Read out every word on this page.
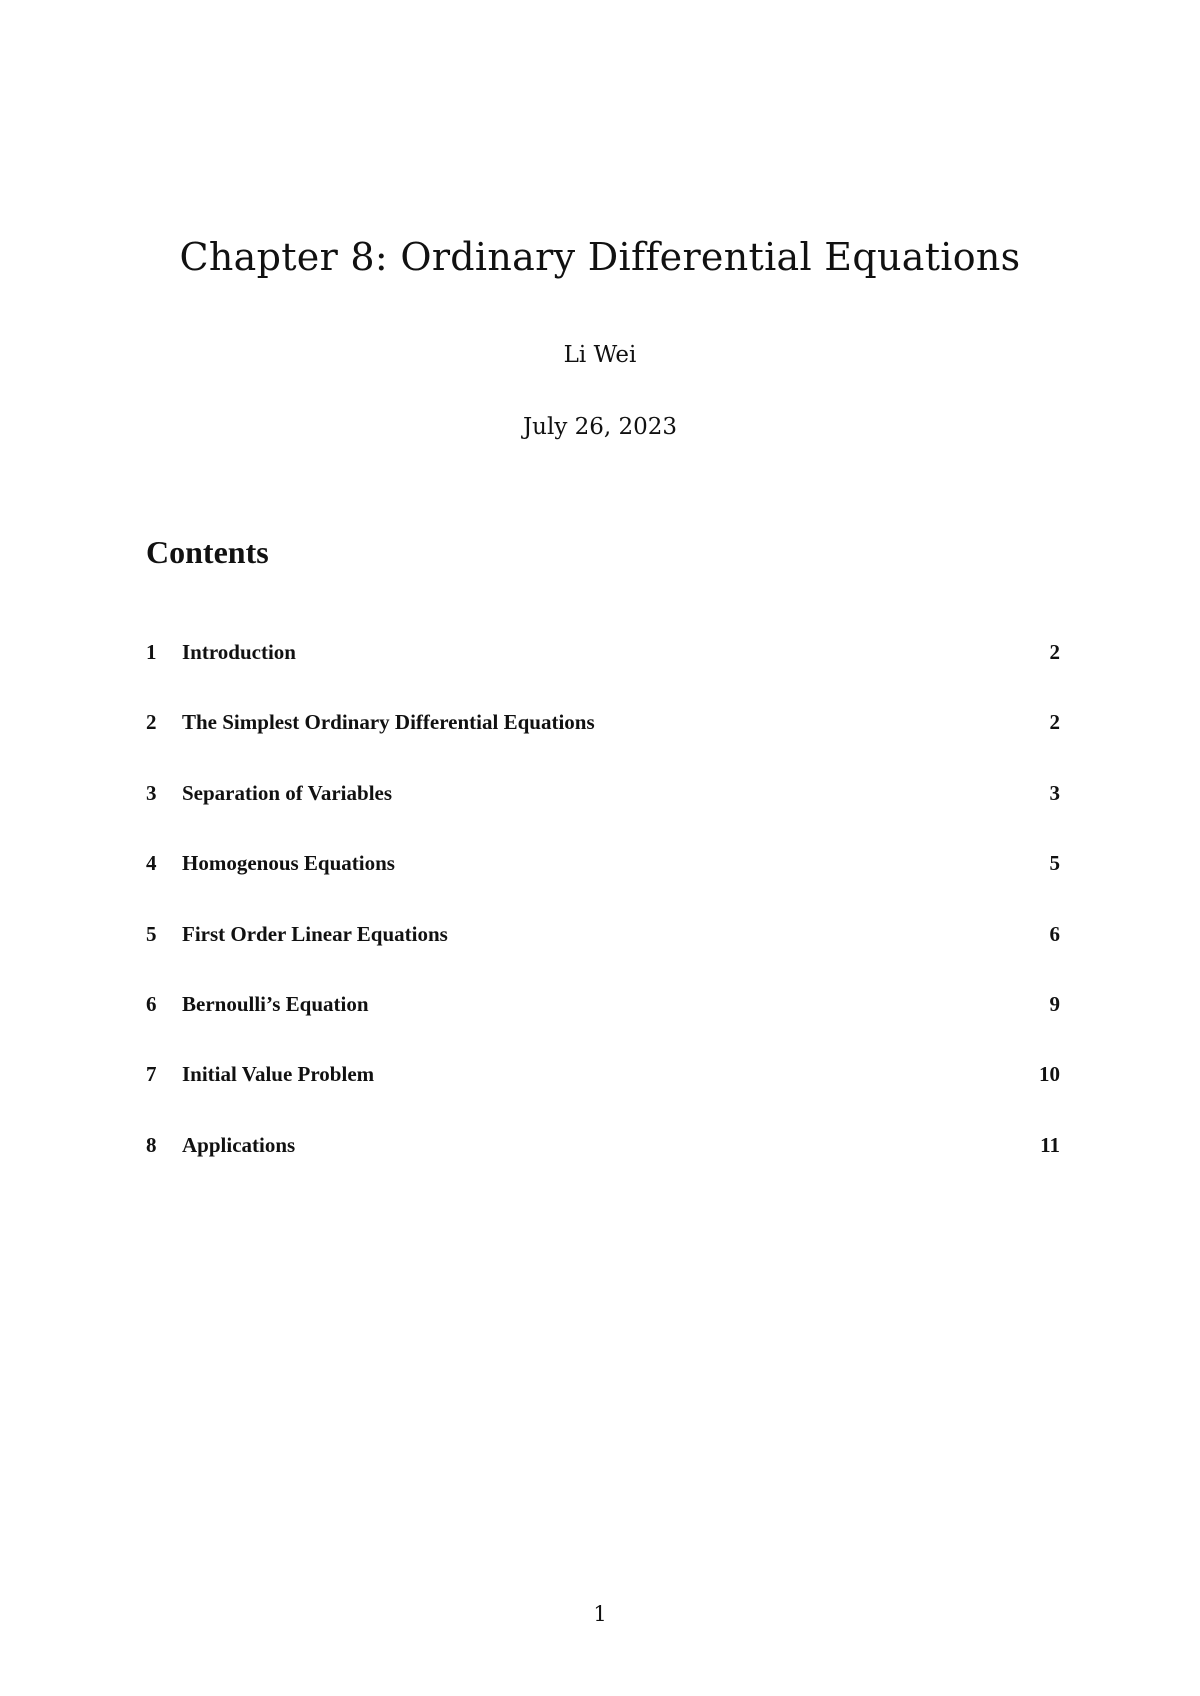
Chapter 8: Ordinary Differential Equations
Li Wei
July 26, 2023
Contents
1	Introduction	2
2	The Simplest Ordinary Differential Equations	2
3	Separation of Variables	3
4	Homogenous Equations	5
5	First Order Linear Equations	6
6	Bernoulli’s Equation	9
7	Initial Value Problem	10
8	Applications	11
1
